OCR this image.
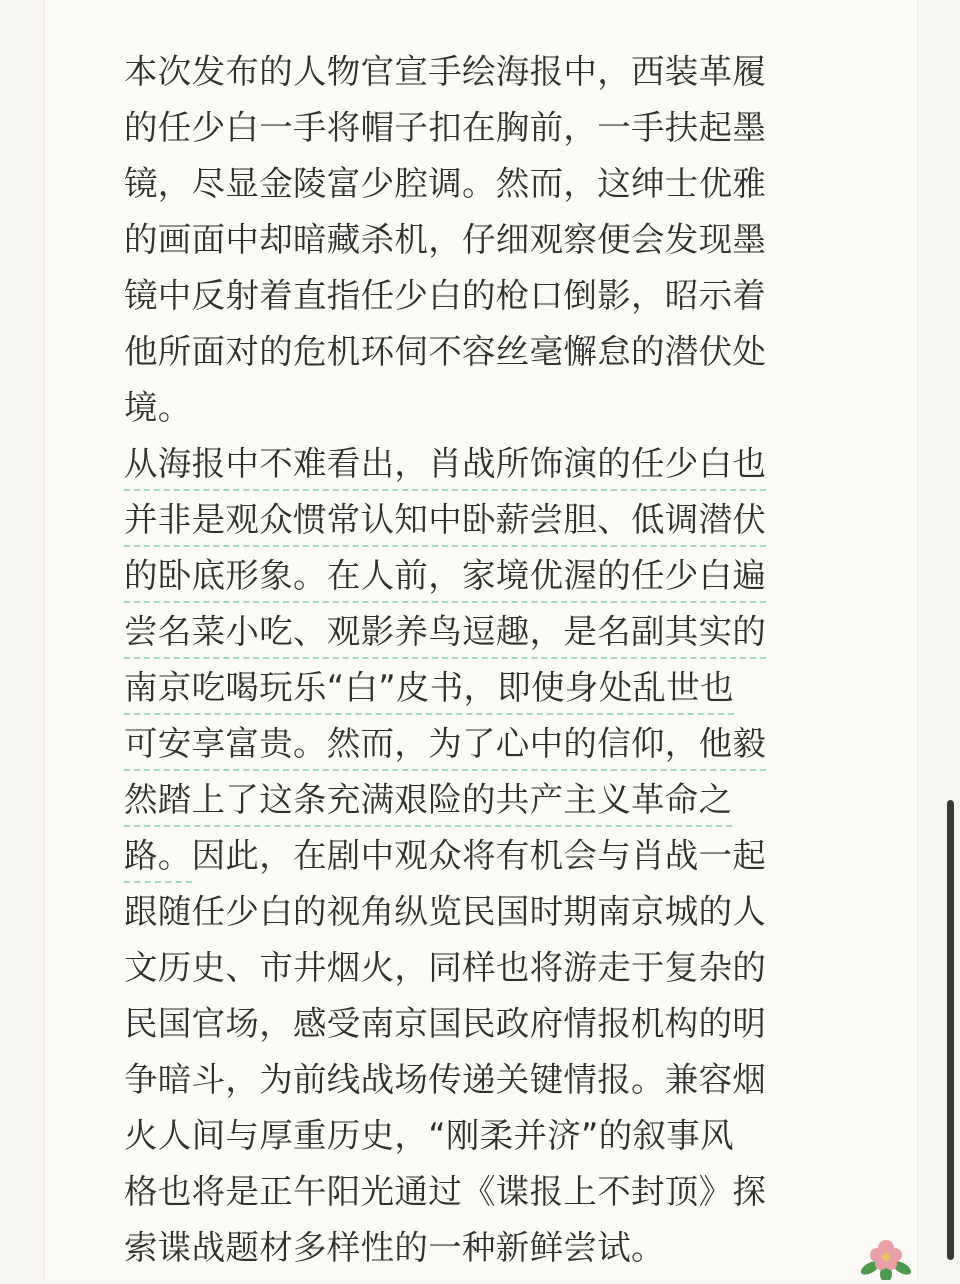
本次发布的人物官宣手绘海报中，西装革履
的任少白一手将帽子扣在胸前，一手扶起墨
镜，尽显金陵富少腔调。然而，这绅士优雅
的画面中却暗藏杀机，仔细观察便会发现墨
镜中反射着直指任少白的枪口倒影，昭示着
他所面对的危机环伺不容丝毫懈怠的潜伏处
境。
从海报中不难看出，肖战所饰演的任少白也
并非是观众惯常认知中卧薪尝胆、低调潜伏
的卧底形象。在人前，家境优渥的任少白遍
尝名菜小吃、观影养鸟逗趣，是名副其实的
南京吃喝玩乐“白”皮书，即使身处乱世也
可安享富贵。然而，为了心中的信仰，他毅
然踏上了这条充满艰险的共产主义革命之
路。因此，在剧中观众将有机会与肖战一起
跟随任少白的视角纵览民国时期南京城的人
文历史、市井烟火，同样也将游走于复杂的
民国官场，感受南京国民政府情报机构的明
争暗斗，为前线战场传递关键情报。兼容烟
火人间与厚重历史，“刚柔并济”的叙事风
格也将是正午阳光通过《谍报上不封顶》探
索谍战题材多样性的一种新鲜尝试。
